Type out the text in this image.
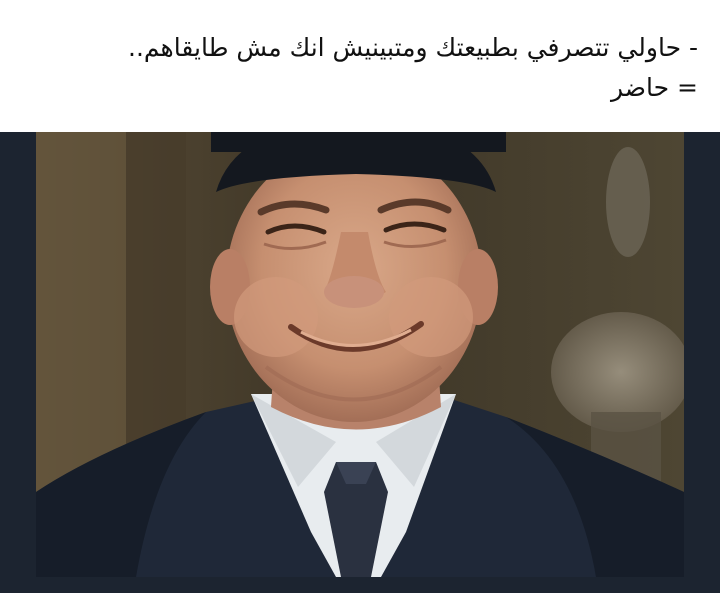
- حاولي تتصرفي بطبيعتك ومتبينيش انك مش طايقاهم..
= حاضر
